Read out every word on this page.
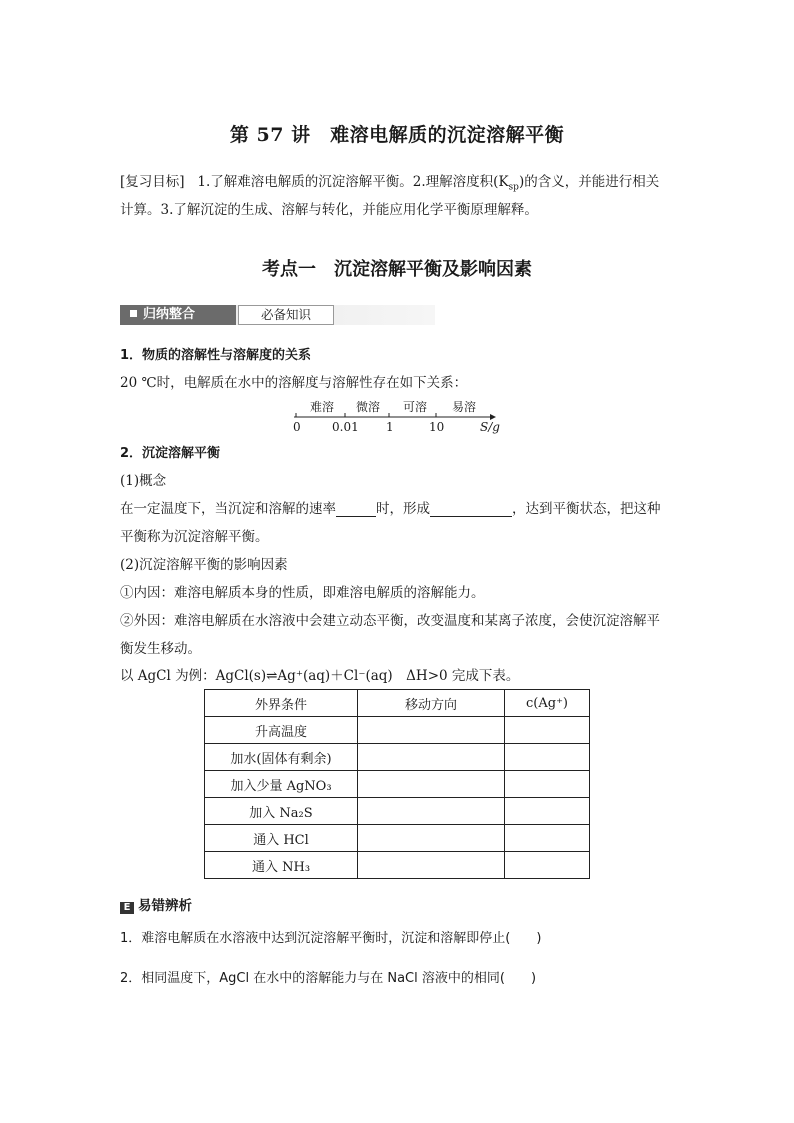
第 57 讲　难溶电解质的沉淀溶解平衡
[复习目标] 1.了解难溶电解质的沉淀溶解平衡。2.理解溶度积$(K_{sp})$的含义，并能进行相关
计算。3.了解沉淀的生成、溶解与转化，并能应用化学平衡原理解释。
考点一　沉淀溶解平衡及影响因素
归纳整合	必备知识
1．物质的溶解性与溶解度的关系
20 ℃时，电解质在水中的溶解度与溶解性存在如下关系：
难溶 微溶 可溶 易溶
0	0.01 1	10	S/g
2．沉淀溶解平衡
(1)概念
在一定温度下，当沉淀和溶解的速率	时，形成	，达到平衡状态，把这种
平衡称为沉淀溶解平衡。
(2)沉淀溶解平衡的影响因素
①内因：难溶电解质本身的性质，即难溶电解质的溶解能力。
②外因：难溶电解质在水溶液中会建立动态平衡，改变温度和某离子浓度，会使沉淀溶解平
衡发生移动。
以 AgCl 为例：AgCl(s)⇌Ag⁺(aq)＋Cl⁻(aq)　ΔH>0 完成下表。
外界条件	移动方向	c(Ag⁺)
升高温度		
加水(固体有剩余)		
加入少量 AgNO₃		
加入 Na₂S		
通入 HCl		
通入 NH₃		
E 易错辨析
1．难溶电解质在水溶液中达到沉淀溶解平衡时，沉淀和溶解即停止(　　)
2．相同温度下，AgCl 在水中的溶解能力与在 NaCl 溶液中的相同(　　)
